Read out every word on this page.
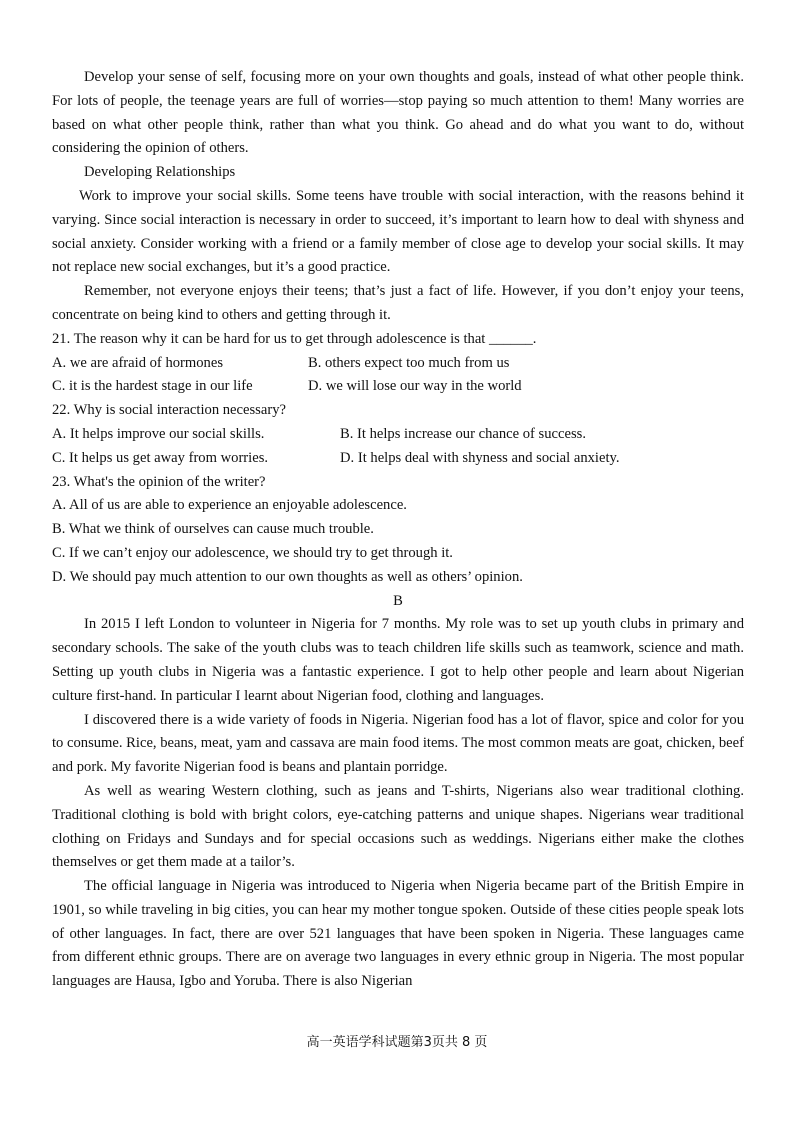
Develop your sense of self, focusing more on your own thoughts and goals, instead of what other people think. For lots of people, the teenage years are full of worries—stop paying so much attention to them! Many worries are based on what other people think, rather than what you think. Go ahead and do what you want to do, without considering the opinion of others.

Developing Relationships

Work to improve your social skills. Some teens have trouble with social interaction, with the reasons behind it varying. Since social interaction is necessary in order to succeed, it’s important to learn how to deal with shyness and social anxiety. Consider working with a friend or a family member of close age to develop your social skills. It may not replace new social exchanges, but it’s a good practice.

Remember, not everyone enjoys their teens; that’s just a fact of life. However, if you don’t enjoy your teens, concentrate on being kind to others and getting through it.

21. The reason why it can be hard for us to get through adolescence is that ______.

A. we are afraid of hormones	B. others expect too much from us
C. it is the hardest stage in our life	D. we will lose our way in the world

22. Why is social interaction necessary?

A. It helps improve our social skills.	B. It helps increase our chance of success.
C. It helps us get away from worries.	D. It helps deal with shyness and social anxiety.

23. What's the opinion of the writer?

A. All of us are able to experience an enjoyable adolescence.

B. What we think of ourselves can cause much trouble.

C. If we can’t enjoy our adolescence, we should try to get through it.

D. We should pay much attention to our own thoughts as well as others’ opinion.

B

In 2015 I left London to volunteer in Nigeria for 7 months. My role was to set up youth clubs in primary and secondary schools. The sake of the youth clubs was to teach children life skills such as teamwork, science and math. Setting up youth clubs in Nigeria was a fantastic experience. I got to help other people and learn about Nigerian culture first-hand. In particular I learnt about Nigerian food, clothing and languages.

I discovered there is a wide variety of foods in Nigeria. Nigerian food has a lot of flavor, spice and color for you to consume. Rice, beans, meat, yam and cassava are main food items. The most common meats are goat, chicken, beef and pork. My favorite Nigerian food is beans and plantain porridge.

As well as wearing Western clothing, such as jeans and T-shirts, Nigerians also wear traditional clothing. Traditional clothing is bold with bright colors, eye-catching patterns and unique shapes. Nigerians wear traditional clothing on Fridays and Sundays and for special occasions such as weddings. Nigerians either make the clothes themselves or get them made at a tailor’s.

The official language in Nigeria was introduced to Nigeria when Nigeria became part of the British Empire in 1901, so while traveling in big cities, you can hear my mother tongue spoken. Outside of these cities people speak lots of other languages. In fact, there are over 521 languages that have been spoken in Nigeria. These languages came from different ethnic groups. There are on average two languages in every ethnic group in Nigeria. The most popular languages are Hausa, Igbo and Yoruba. There is also Nigerian

高一英语学科试题第3页共 8 页
